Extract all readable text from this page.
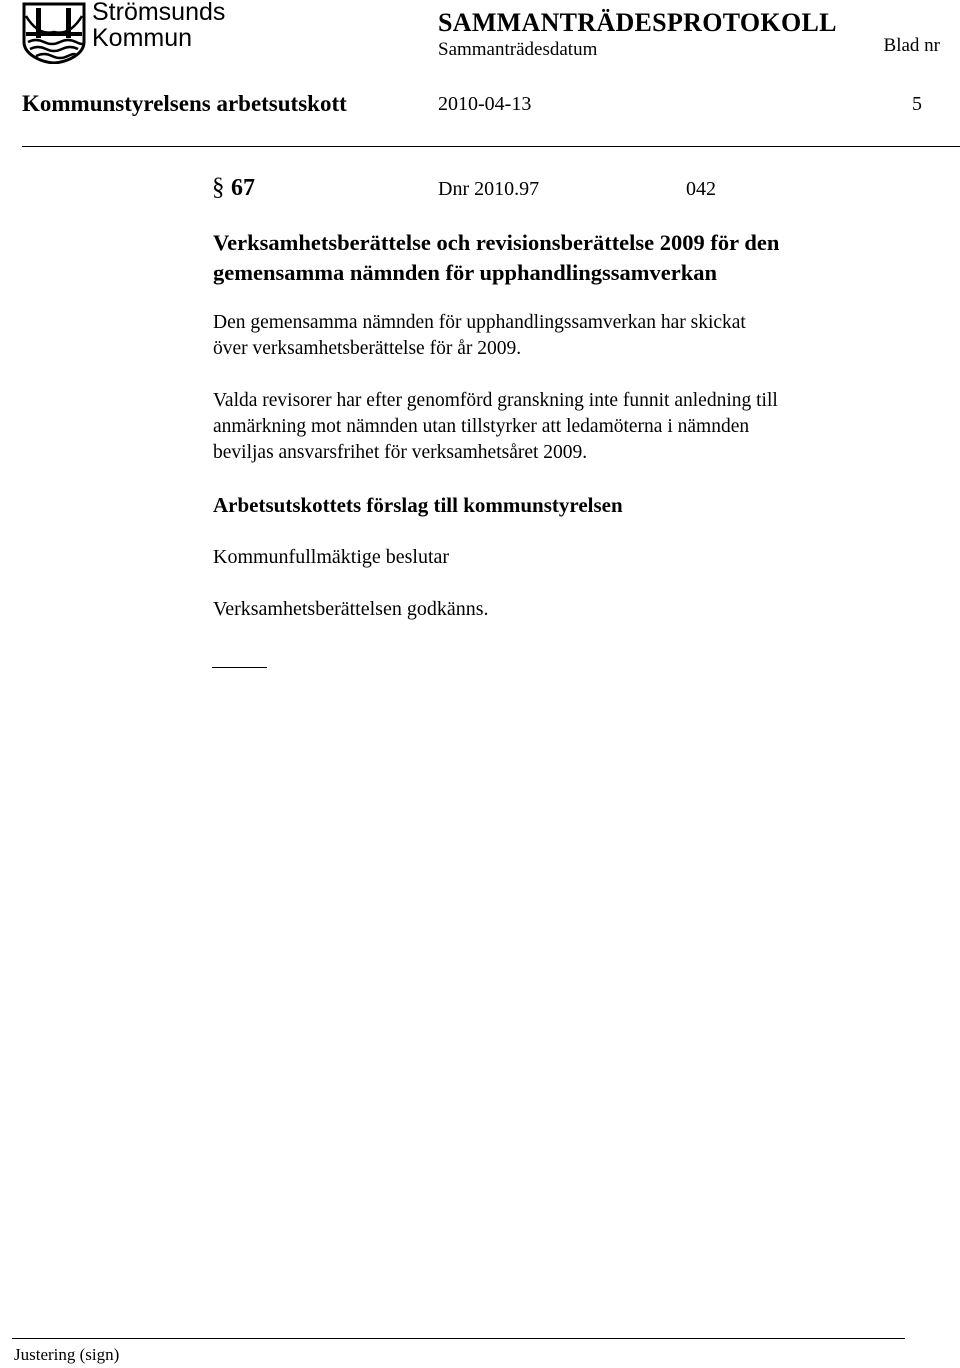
Strömsunds
Kommun
SAMMANTRÄDESPROTOKOLL
Sammanträdesdatum	Blad nr
Kommunstyrelsens arbetsutskott	2010-04-13	5
§ 67	Dnr 2010.97	042
Verksamhetsberättelse och revisionsberättelse 2009 för den
gemensamma nämnden för upphandlingssamverkan
Den gemensamma nämnden för upphandlingssamverkan har skickat
över verksamhetsberättelse för år 2009.
Valda revisorer har efter genomförd granskning inte funnit anledning till
anmärkning mot nämnden utan tillstyrker att ledamöterna i nämnden
beviljas ansvarsfrihet för verksamhetsåret 2009.
Arbetsutskottets förslag till kommunstyrelsen
Kommunfullmäktige beslutar
Verksamhetsberättelsen godkänns.
Justering (sign)
